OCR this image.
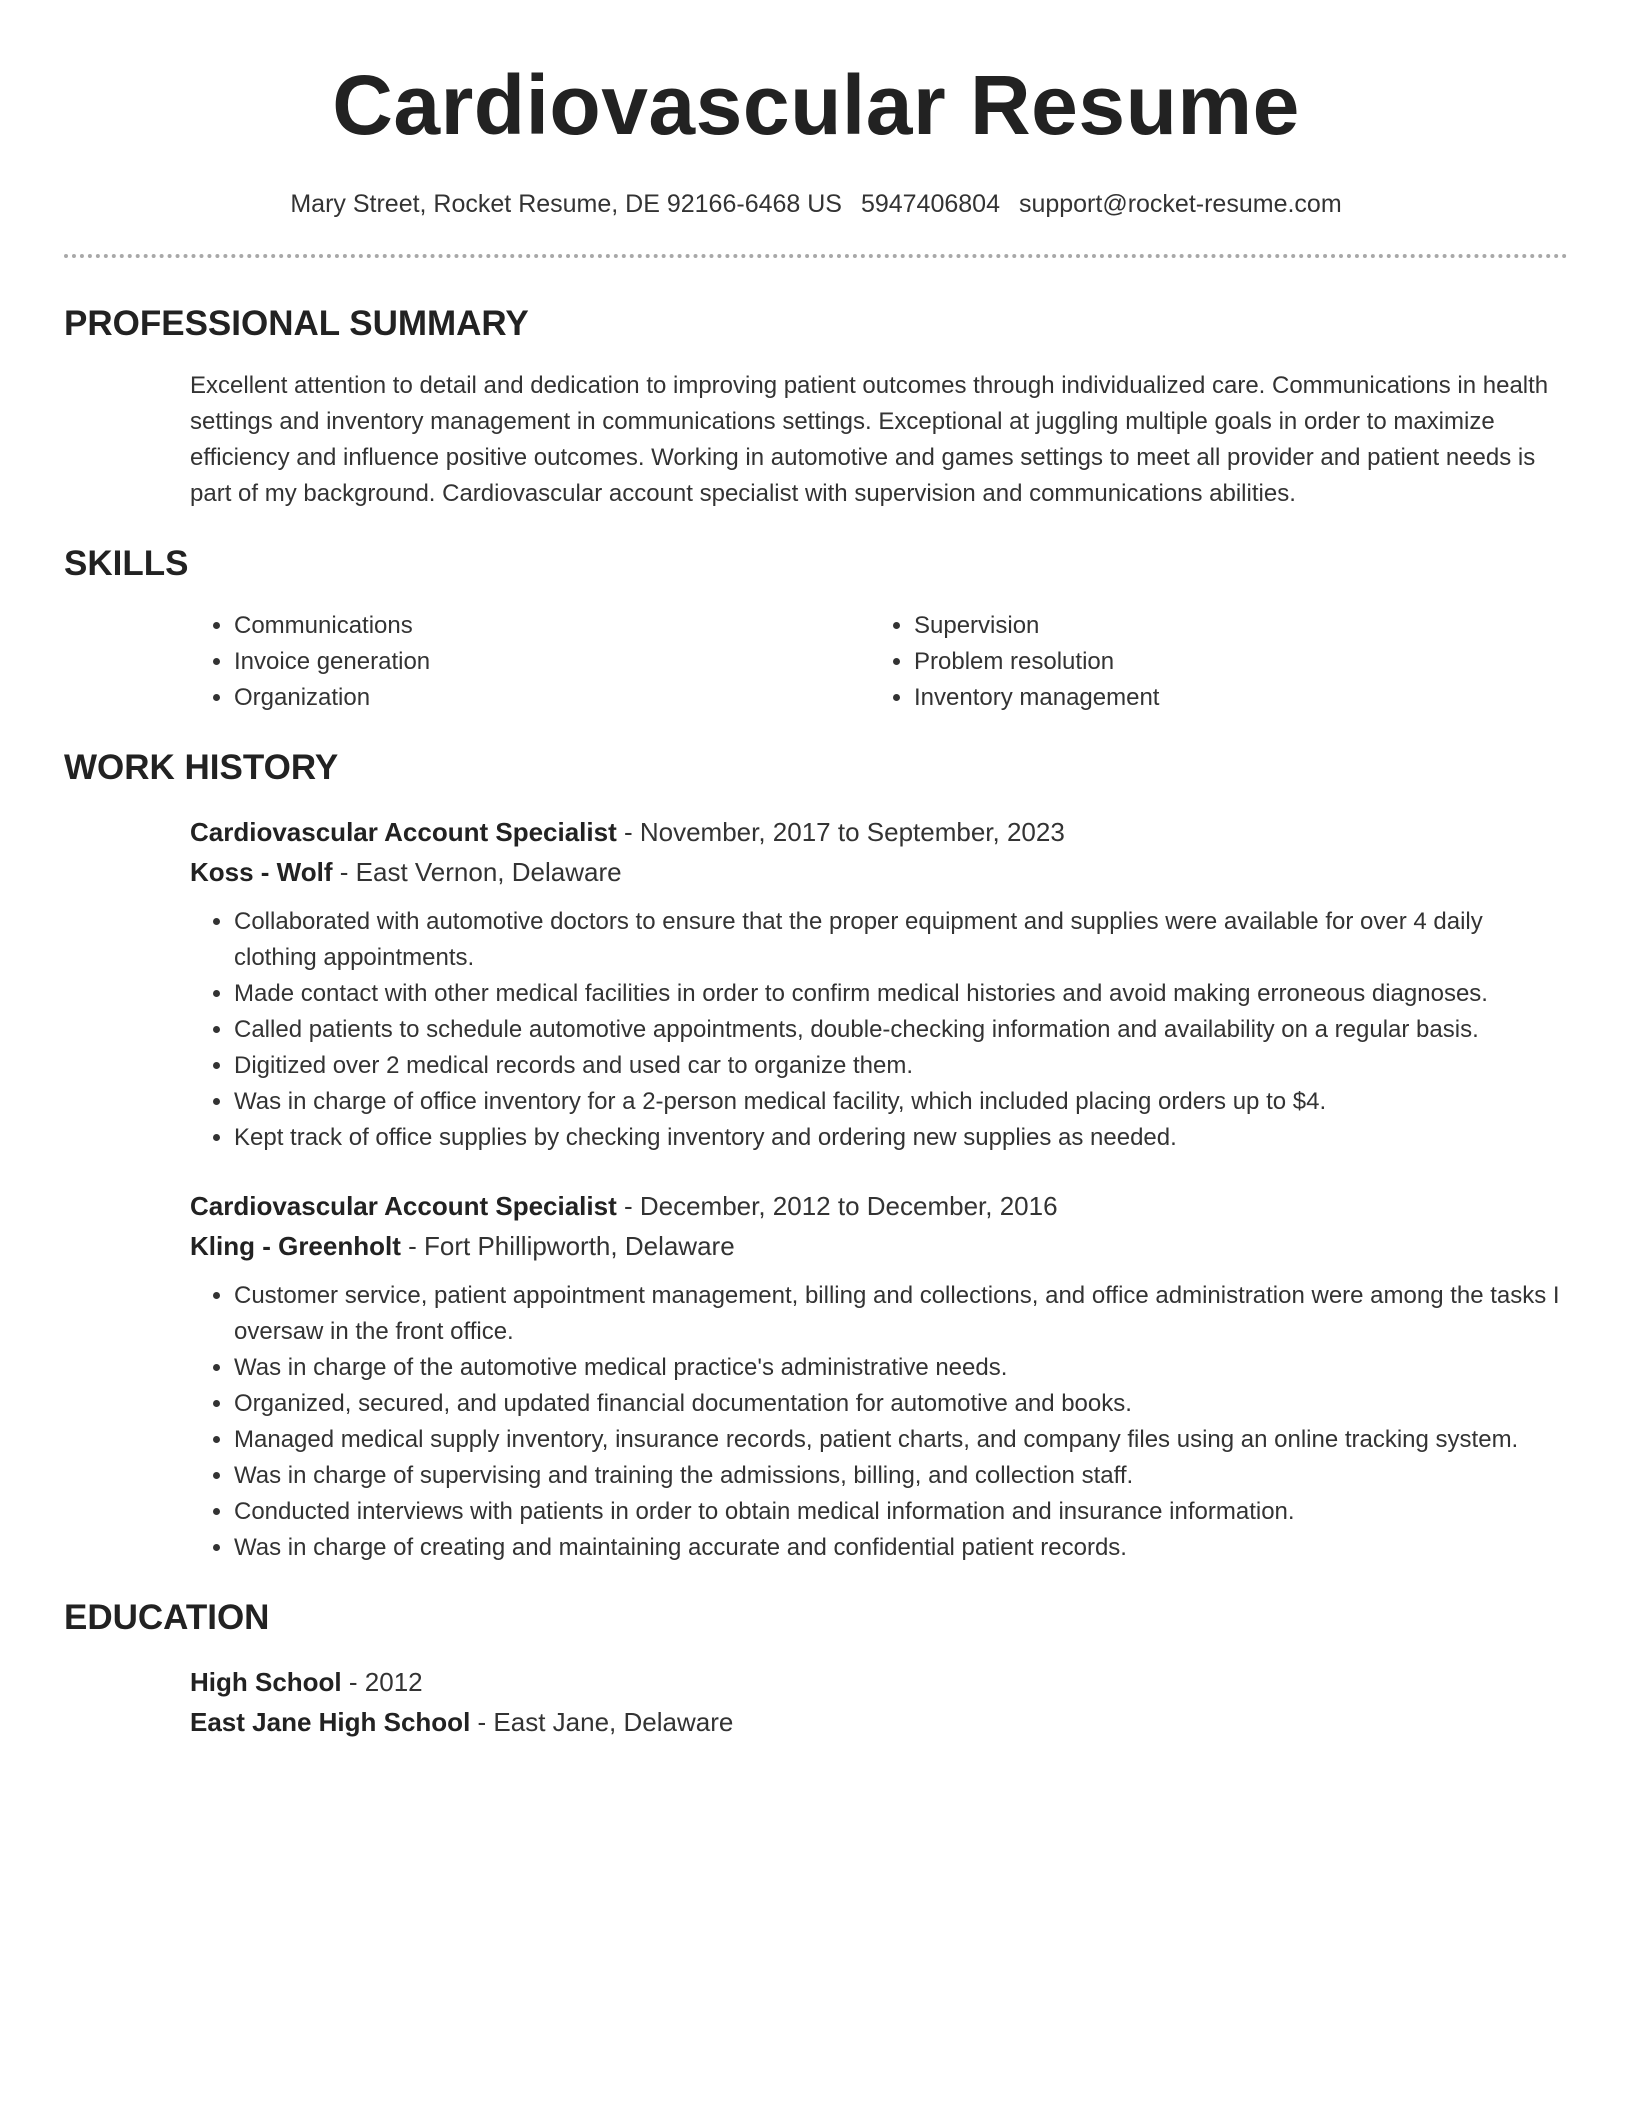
Cardiovascular Resume
Mary Street, Rocket Resume, DE 92166-6468 US 5947406804 support@rocket-resume.com
PROFESSIONAL SUMMARY

Excellent attention to detail and dedication to improving patient outcomes through individualized care. Communications in health settings and inventory management in communications settings. Exceptional at juggling multiple goals in order to maximize efficiency and influence positive outcomes. Working in automotive and games settings to meet all provider and patient needs is part of my background. Cardiovascular account specialist with supervision and communications abilities.

SKILLS
• Communications
• Invoice generation
• Organization
• Supervision
• Problem resolution
• Inventory management
WORK HISTORY
Cardiovascular Account Specialist - November, 2017 to September, 2023
Koss - Wolf - East Vernon, Delaware
• Collaborated with automotive doctors to ensure that the proper equipment and supplies were available for over 4 daily clothing appointments.
• Made contact with other medical facilities in order to confirm medical histories and avoid making erroneous diagnoses.
• Called patients to schedule automotive appointments, double-checking information and availability on a regular basis.
• Digitized over 2 medical records and used car to organize them.
• Was in charge of office inventory for a 2-person medical facility, which included placing orders up to $4.
• Kept track of office supplies by checking inventory and ordering new supplies as needed.
Cardiovascular Account Specialist - December, 2012 to December, 2016
Kling - Greenholt - Fort Phillipworth, Delaware
• Customer service, patient appointment management, billing and collections, and office administration were among the tasks I oversaw in the front office.
• Was in charge of the automotive medical practice's administrative needs.
• Organized, secured, and updated financial documentation for automotive and books.
• Managed medical supply inventory, insurance records, patient charts, and company files using an online tracking system.
• Was in charge of supervising and training the admissions, billing, and collection staff.
• Conducted interviews with patients in order to obtain medical information and insurance information.
• Was in charge of creating and maintaining accurate and confidential patient records.
EDUCATION
High School - 2012
East Jane High School - East Jane, Delaware
